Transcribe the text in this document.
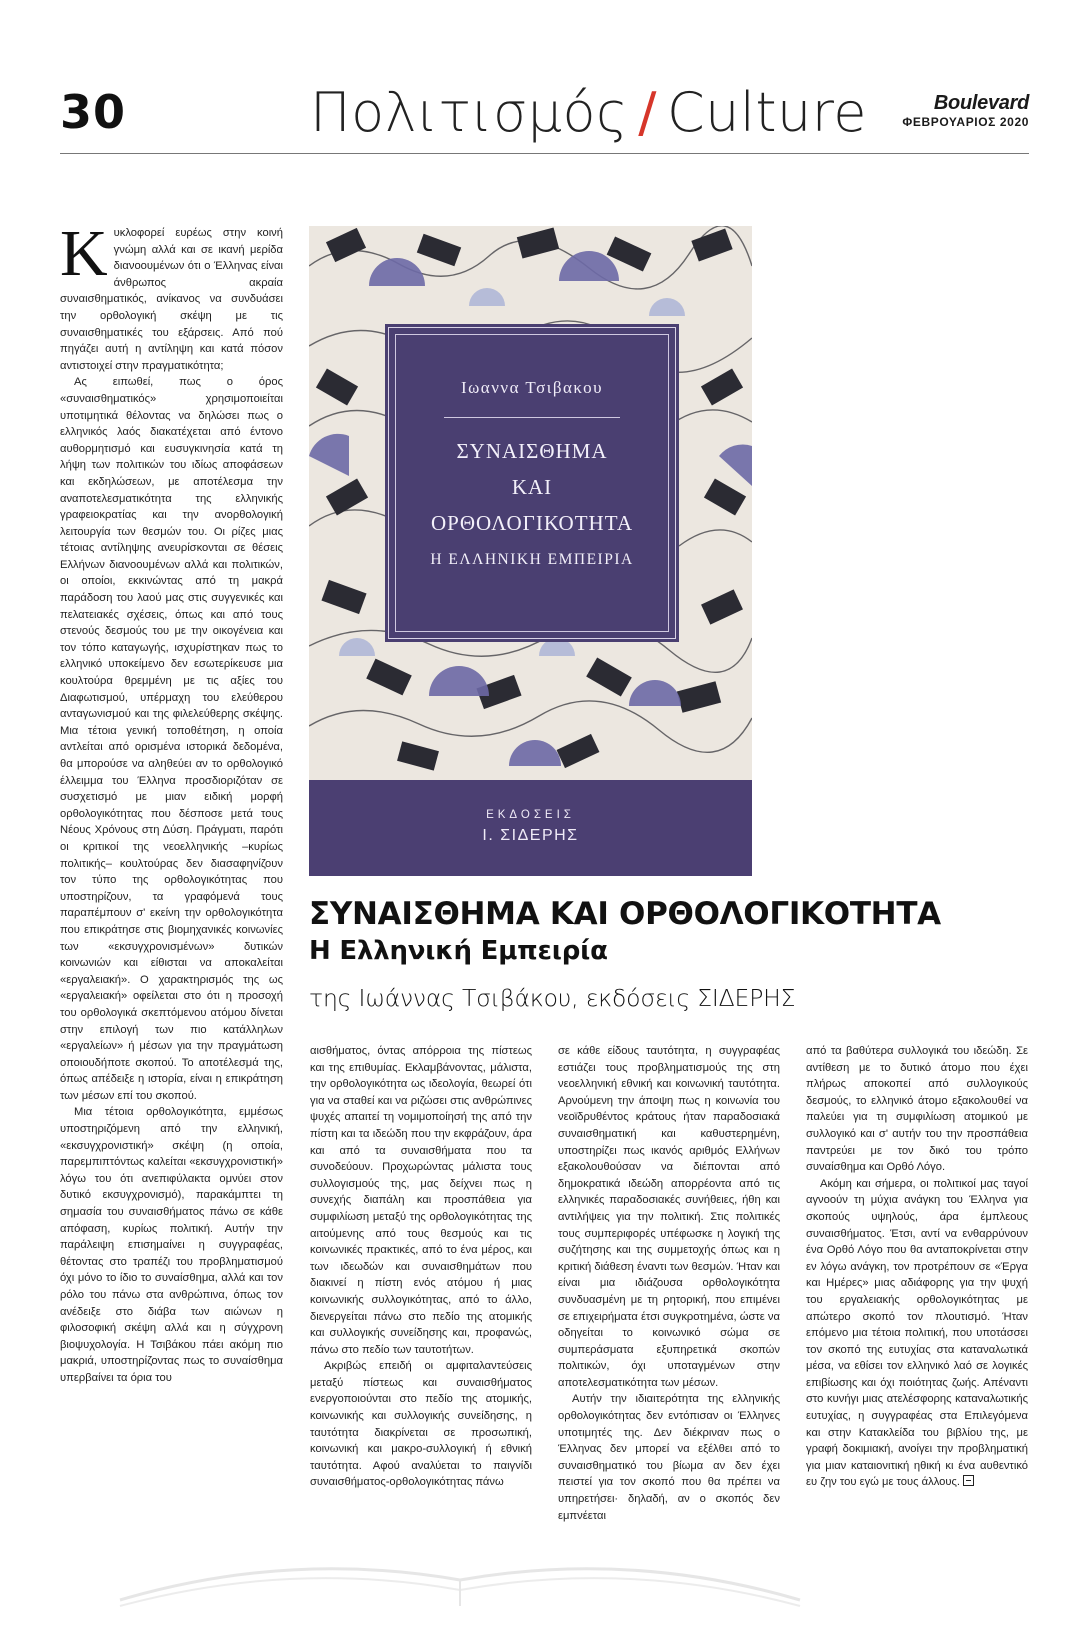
30	Πολιτισμός / Culture	Boulevard
ΦΕΒΡΟΥΑΡΙΟΣ 2020

Κυκλοφορεί ευρέως στην κοινή γνώμη αλλά και σε ικανή μερίδα διανοουμένων ότι ο Έλληνας είναι άνθρωπος ακραία συναισθηματικός, ανίκανος να συνδυάσει την ορθολογική σκέψη με τις συναισθηματικές του εξάρσεις. Από πού πηγάζει αυτή η αντίληψη και κατά πόσον αντιστοιχεί στην πραγματικότητα;

Ας ειπωθεί, πως ο όρος «συναισθηματικός» χρησιμοποιείται υποτιμητικά θέλοντας να δηλώσει πως ο ελληνικός λαός διακατέχεται από έντονο αυθορμητισμό και ευσυγκινησία κατά τη λήψη των πολιτικών του ιδίως αποφάσεων και εκδηλώσεων, με αποτέλεσμα την αναποτελεσματικότητα της ελληνικής γραφειοκρατίας και την ανορθολογική λειτουργία των θεσμών του. Οι ρίζες μιας τέτοιας αντίληψης ανευρίσκονται σε θέσεις Ελλήνων διανοουμένων αλλά και πολιτικών, οι οποίοι, εκκινώντας από τη μακρά παράδοση του λαού μας στις συγγενικές και πελατειακές σχέσεις, όπως και από τους στενούς δεσμούς του με την οικογένεια και τον τόπο καταγωγής, ισχυρίστηκαν πως το ελληνικό υποκείμενο δεν εσωτερίκευσε μια κουλτούρα θρεμμένη με τις αξίες του Διαφωτισμού, υπέρμαχη του ελεύθερου ανταγωνισμού και της φιλελεύθερης σκέψης. Μια τέτοια γενική τοποθέτηση, η οποία αντλείται από ορισμένα ιστορικά δεδομένα, θα μπορούσε να αληθεύει αν το ορθολογικό έλλειμμα του Έλληνα προσδιοριζόταν σε συσχετισμό με μιαν ειδική μορφή ορθολογικότητας που δέσποσε μετά τους Νέους Χρόνους στη Δύση. Πράγματι, παρότι οι κριτικοί της νεοελληνικής –κυρίως πολιτικής– κουλτούρας δεν διασαφηνίζουν τον τύπο της ορθολογικότητας που υποστηρίζουν, τα γραφόμενά τους παραπέμπουν σ' εκείνη την ορθολογικότητα που επικράτησε στις βιομηχανικές κοινωνίες των «εκσυγχρονισμένων» δυτικών κοινωνιών και είθισται να αποκαλείται «εργαλειακή». Ο χαρακτηρισμός της ως «εργαλειακή» οφείλεται στο ότι η προσοχή του ορθολογικά σκεπτόμενου ατόμου δίνεται στην επιλογή των πιο κατάλληλων «εργαλείων» ή μέσων για την πραγμάτωση οποιουδήποτε σκοπού. Το αποτέλεσμά της, όπως απέδειξε η ιστορία, είναι η επικράτηση των μέσων επί του σκοπού.

Μια τέτοια ορθολογικότητα, εμμέσως υποστηριζόμενη από την ελληνική, «εκσυγχρονιστική» σκέψη (η οποία, παρεμπιπτόντως καλείται «εκσυγχρονιστική» λόγω του ότι ανεπιφύλακτα ομνύει στον δυτικό εκσυγχρονισμό), παρακάμπτει τη σημασία του συναισθήματος πάνω σε κάθε απόφαση, κυρίως πολιτική. Αυτήν την παράλειψη επισημαίνει η συγγραφέας, θέτοντας στο τραπέζι του προβληματισμού όχι μόνο το ίδιο το συναίσθημα, αλλά και τον ρόλο του πάνω στα ανθρώπινα, όπως τον ανέδειξε στο διάβα των αιώνων η φιλοσοφική σκέψη αλλά και η σύγχρονη βιοψυχολογία. Η Τσιβάκου πάει ακόμη πιο μακριά, υποστηρίζοντας πως το συναίσθημα υπερβαίνει τα όρια του

Ιωαννα Τσιβακου
ΣΥΝΑΙΣΘΗΜΑ
ΚΑΙ
ΟΡΘΟΛΟΓΙΚΟΤΗΤΑ
Η ΕΛΛΗΝΙΚΗ ΕΜΠΕΙΡΙΑ
ΕΚΔΟΣΕΙΣ
Ι. ΣΙΔΕΡΗΣ
ΣΥΝΑΙΣΘΗΜΑ ΚΑΙ ΟΡΘΟΛΟΓΙΚΟΤΗΤΑ
Η Ελληνική Εμπειρία
της Ιωάννας Τσιβάκου, εκδόσεις ΣΙΔΕΡΗΣ

αισθήματος, όντας απόρροια της πίστεως και της επιθυμίας. Εκλαμβάνοντας, μάλιστα, την ορθολογικότητα ως ιδεολογία, θεωρεί ότι για να σταθεί και να ριζώσει στις ανθρώπινες ψυχές απαιτεί τη νομιμοποίησή της από την πίστη και τα ιδεώδη που την εκφράζουν, άρα και από τα συναισθήματα που τα συνοδεύουν. Προχωρώντας μάλιστα τους συλλογισμούς της, μας δείχνει πως η συνεχής διαπάλη και προσπάθεια για συμφιλίωση μεταξύ της ορθολογικότητας της αιτούμενης από τους θεσμούς και τις κοινωνικές πρακτικές, από το ένα μέρος, και των ιδεωδών και συναισθημάτων που διακινεί η πίστη ενός ατόμου ή μιας κοινωνικής συλλογικότητας, από το άλλο, διενεργείται πάνω στο πεδίο της ατομικής και συλλογικής συνείδησης και, προφανώς, πάνω στο πεδίο των ταυτοτήτων.

Ακριβώς επειδή οι αμφιταλαντεύσεις μεταξύ πίστεως και συναισθήματος ενεργοποιούνται στο πεδίο της ατομικής, κοινωνικής και συλλογικής συνείδησης, η ταυτότητα διακρίνεται σε προσωπική, κοινωνική και μακρο-συλλογική ή εθνική ταυτότητα. Αφού αναλύεται το παιγνίδι συναισθήματος-ορθολογικότητας πάνω

σε κάθε είδους ταυτότητα, η συγγραφέας εστιάζει τους προβληματισμούς της στη νεοελληνική εθνική και κοινωνική ταυτότητα. Αρνούμενη την άποψη πως η κοινωνία του νεοϊδρυθέντος κράτους ήταν παραδοσιακά συναισθηματική και καθυστερημένη, υποστηρίζει πως ικανός αριθμός Ελλήνων εξακολουθούσαν να διέπονται από δημοκρατικά ιδεώδη απορρέοντα από τις ελληνικές παραδοσιακές συνήθειες, ήθη και αντιλήψεις για την πολιτική. Στις πολιτικές τους συμπεριφορές υπέφωσκε η λογική της συζήτησης και της συμμετοχής όπως και η κριτική διάθεση έναντι των θεσμών. Ήταν και είναι μια ιδιάζουσα ορθολογικότητα συνδυασμένη με τη ρητορική, που επιμένει σε επιχειρήματα έτσι συγκροτημένα, ώστε να οδηγείται το κοινωνικό σώμα σε συμπεράσματα εξυπηρετικά σκοπών πολιτικών, όχι υποταγμένων στην αποτελεσματικότητα των μέσων.

Αυτήν την ιδιαιτερότητα της ελληνικής ορθολογικότητας δεν εντόπισαν οι Έλληνες υποτιμητές της. Δεν διέκριναν πως ο Έλληνας δεν μπορεί να εξέλθει από το συναισθηματικό του βίωμα αν δεν έχει πειστεί για τον σκοπό που θα πρέπει να υπηρετήσει· δηλαδή, αν ο σκοπός δεν εμπνέεται

από τα βαθύτερα συλλογικά του ιδεώδη. Σε αντίθεση με το δυτικό άτομο που έχει πλήρως αποκοπεί από συλλογικούς δεσμούς, το ελληνικό άτομο εξακολουθεί να παλεύει για τη συμφιλίωση ατομικού με συλλογικό και σ' αυτήν του την προσπάθεια παντρεύει με τον δικό του τρόπο συναίσθημα και Ορθό Λόγο.

Ακόμη και σήμερα, οι πολιτικοί μας ταγοί αγνοούν τη μύχια ανάγκη του Έλληνα για σκοπούς υψηλούς, άρα έμπλεους συναισθήματος. Έτσι, αντί να ενθαρρύνουν ένα Ορθό Λόγο που θα ανταποκρίνεται στην εν λόγω ανάγκη, τον προτρέπουν σε «Έργα και Ημέρες» μιας αδιάφορης για την ψυχή του εργαλειακής ορθολογικότητας με απώτερο σκοπό τον πλουτισμό. Ήταν επόμενο μια τέτοια πολιτική, που υποτάσσει τον σκοπό της ευτυχίας στα καταναλωτικά μέσα, να εθίσει τον ελληνικό λαό σε λογικές επιβίωσης και όχι ποιότητας ζωής. Απέναντι στο κυνήγι μιας ατελέσφορης καταναλωτικής ευτυχίας, η συγγραφέας στα Επιλεγόμενα και στην Κατακλείδα του βιβλίου της, με γραφή δοκιμιακή, ανοίγει την προβληματική για μιαν καταιονιτική ηθική κι ένα αυθεντικό ευ ζην του εγώ με τους άλλους.
